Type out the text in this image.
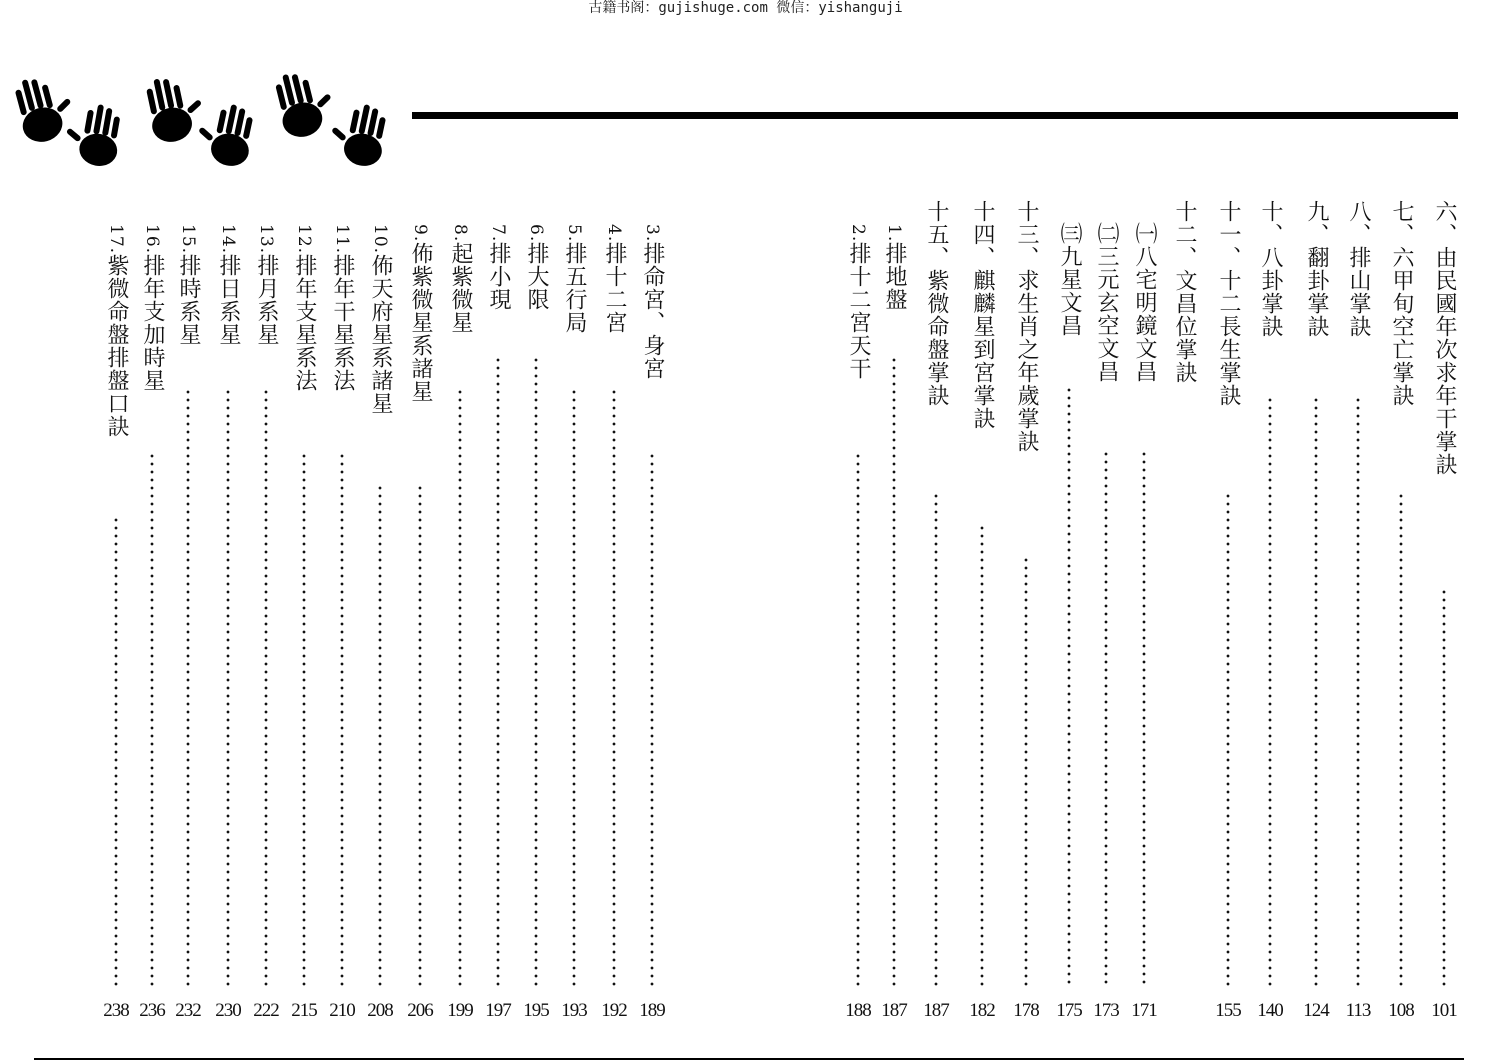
古籍书阁：gujishuge.com 微信：yishanguji
六、由民國年次求年干掌訣
101
七、六甲旬空亡掌訣
108
八、排山掌訣
113
九、翻卦掌訣
124
十、八卦掌訣
140
十一、十二長生掌訣
155
十二、文昌位掌訣
㈠八宅明鏡文昌
171
㈡三元玄空文昌
173
㈢九星文昌
175
十三、求生肖之年歲掌訣
178
十四、麒麟星到宮掌訣
182
十五、紫微命盤掌訣
187
1.排地盤
187
2.排十二宮天干
188
3.排命宮、身宮
189
4.排十二宮
192
5.排五行局
193
6.排大限
195
7.排小現
197
8.起紫微星
199
9.佈紫微星系諸星
206
10.佈天府星系諸星
208
11.排年干星系法
210
12.排年支星系法
215
13.排月系星
222
14.排日系星
230
15.排時系星
232
16.排年支加時星
236
17.紫微命盤排盤口訣
238
